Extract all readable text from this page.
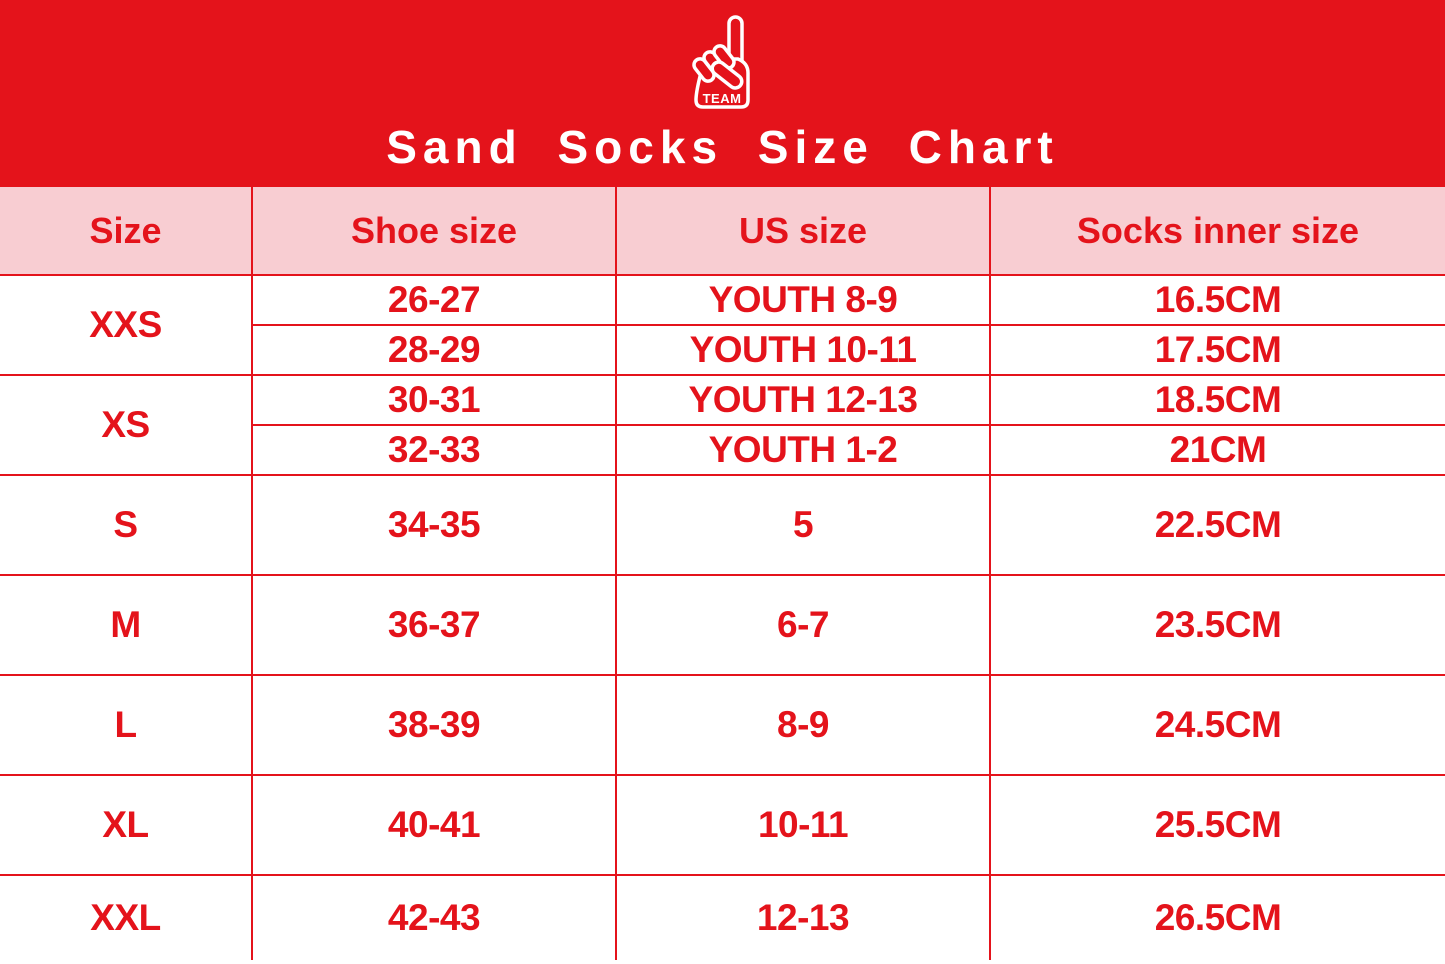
TEAM
Sand Socks Size Chart
Size	Shoe size	US size	Socks inner size
XXS	26-27	YOUTH 8-9	16.5CM
	28-29	YOUTH 10-11	17.5CM
XS	30-31	YOUTH 12-13	18.5CM
	32-33	YOUTH 1-2	21CM
S	34-35	5	22.5CM
M	36-37	6-7	23.5CM
L	38-39	8-9	24.5CM
XL	40-41	10-11	25.5CM
XXL	42-43	12-13	26.5CM
